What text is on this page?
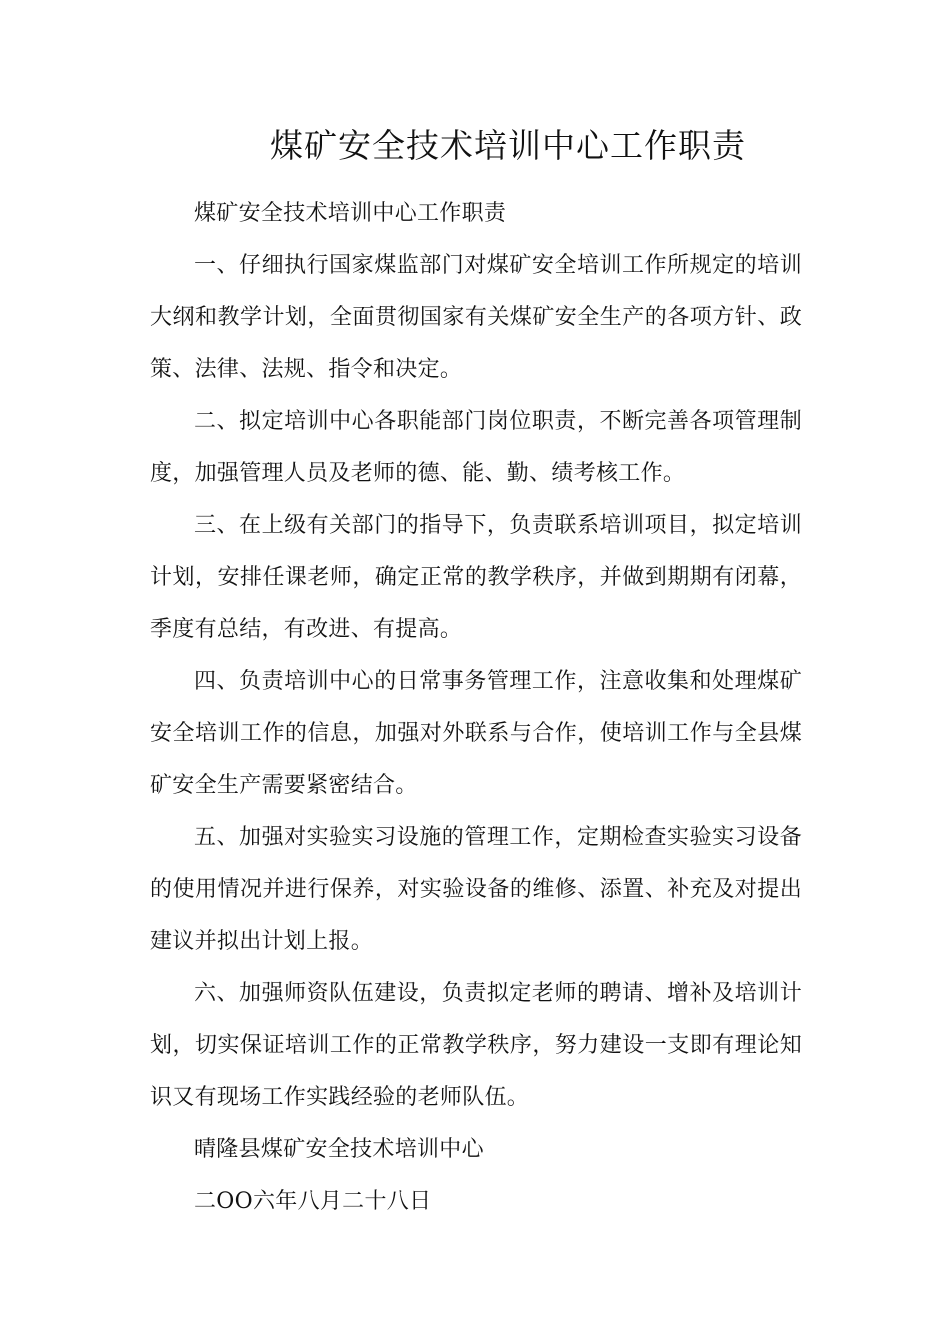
煤矿安全技术培训中心工作职责

煤矿安全技术培训中心工作职责

一、仔细执行国家煤监部门对煤矿安全培训工作所规定的培训大纲和教学计划，全面贯彻国家有关煤矿安全生产的各项方针、政策、法律、法规、指令和决定。

二、拟定培训中心各职能部门岗位职责，不断完善各项管理制度，加强管理人员及老师的德、能、勤、绩考核工作。

三、在上级有关部门的指导下，负责联系培训项目，拟定培训计划，安排任课老师，确定正常的教学秩序，并做到期期有闭幕，季度有总结，有改进、有提高。

四、负责培训中心的日常事务管理工作，注意收集和处理煤矿安全培训工作的信息，加强对外联系与合作，使培训工作与全县煤矿安全生产需要紧密结合。

五、加强对实验实习设施的管理工作，定期检查实验实习设备的使用情况并进行保养，对实验设备的维修、添置、补充及对提出建议并拟出计划上报。

六、加强师资队伍建设，负责拟定老师的聘请、增补及培训计划，切实保证培训工作的正常教学秩序，努力建设一支即有理论知识又有现场工作实践经验的老师队伍。

晴隆县煤矿安全技术培训中心

二OO六年八月二十八日
